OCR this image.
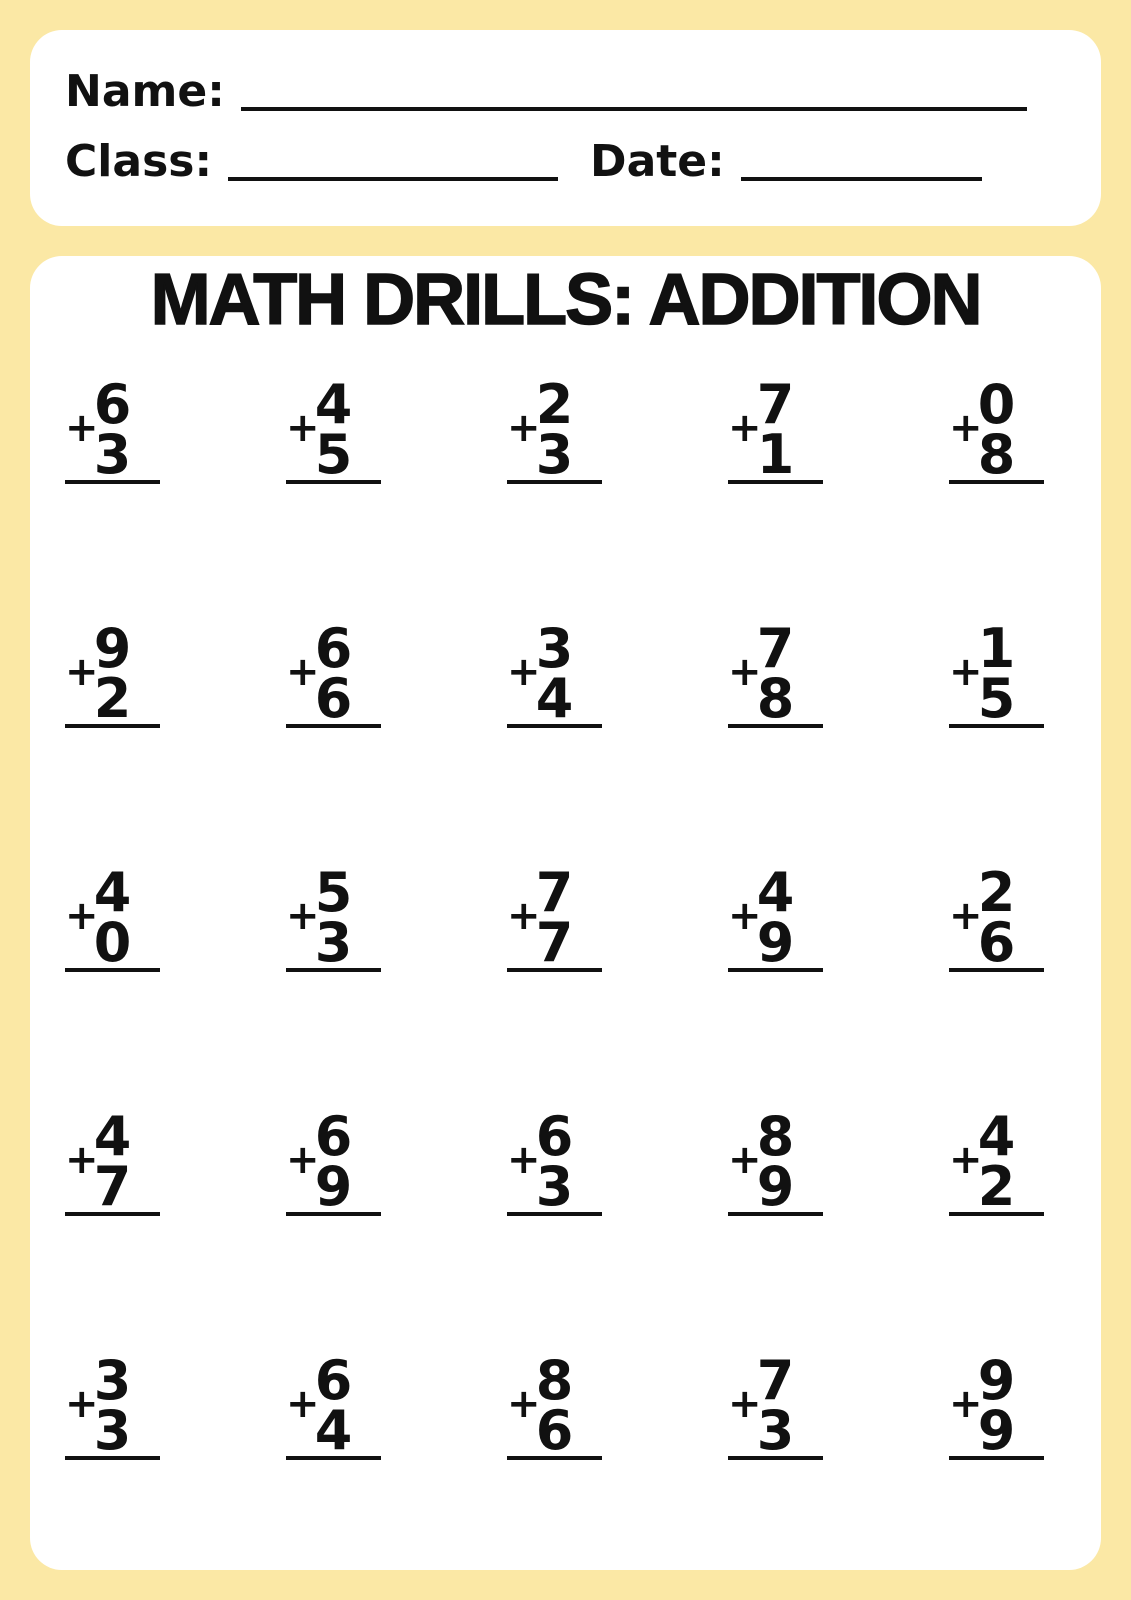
Name:
Class:	Date:
MATH DRILLS: ADDITION
6
+
3
4
+
5
2
+
3
7
+
1
0
+
8
9
+
2
6
+
6
3
+
4
7
+
8
1
+
5
4
+
0
5
+
3
7
+
7
4
+
9
2
+
6
4
+
7
6
+
9
6
+
3
8
+
9
4
+
2
3
+
3
6
+
4
8
+
6
7
+
3
9
+
9
